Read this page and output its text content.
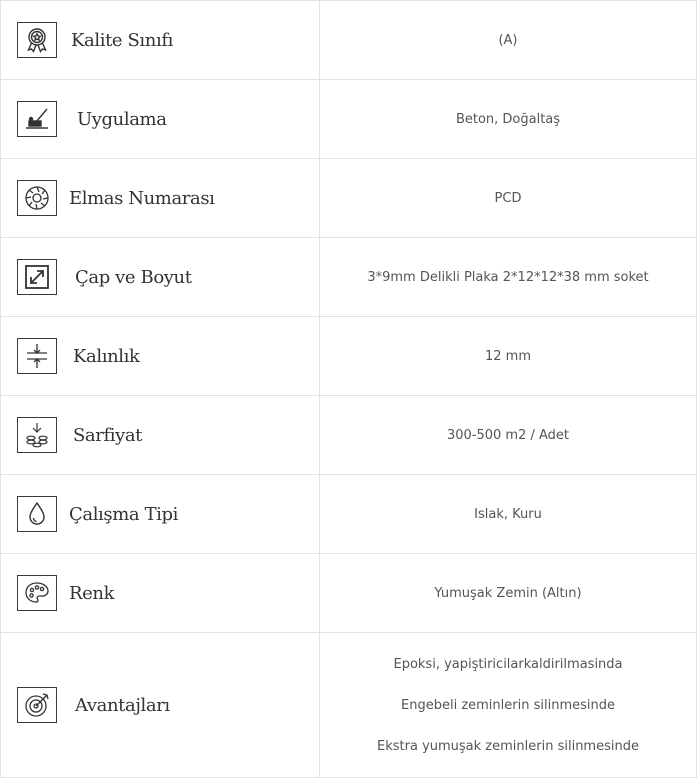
Kalite Sınıfı	(A)

Uygulama	Beton, Doğaltaş

Elmas Numarası	PCD

Çap ve Boyut	3*9mm Delikli Plaka 2*12*12*38 mm soket

Kalınlık	12 mm

Sarfiyat	300-500 m2 / Adet

Çalışma Tipi	Islak, Kuru

Renk	Yumuşak Zemin (Altın)

Avantajları	Epoksi, yapiştiricilarkaldirilmasinda
Engebeli zeminlerin silinmesinde
Ekstra yumuşak zeminlerin silinmesinde
